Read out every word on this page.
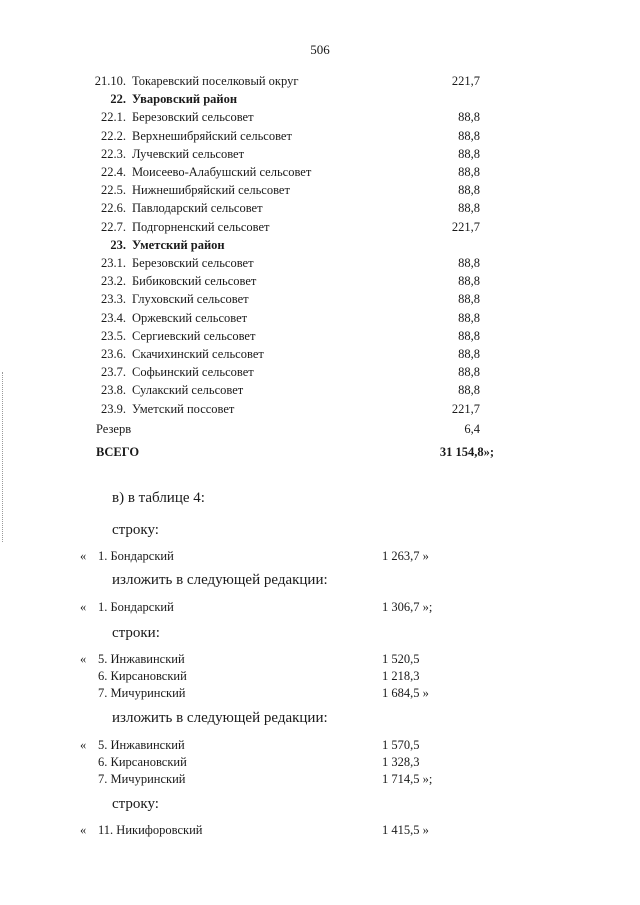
506
21.10. Токаревский поселковый округ	221,7
22. Уваровский район
22.1. Березовский сельсовет	88,8
22.2. Верхнешибряйский сельсовет	88,8
22.3. Лучевский сельсовет	88,8
22.4. Моисеево-Алабушский сельсовет	88,8
22.5. Нижнешибряйский сельсовет	88,8
22.6. Павлодарский сельсовет	88,8
22.7. Подгорненский сельсовет	221,7
23. Уметский район
23.1. Березовский сельсовет	88,8
23.2. Бибиковский сельсовет	88,8
23.3. Глуховский сельсовет	88,8
23.4. Оржевский сельсовет	88,8
23.5. Сергиевский сельсовет	88,8
23.6. Скачихинский сельсовет	88,8
23.7. Софьинский сельсовет	88,8
23.8. Сулакский сельсовет	88,8
23.9. Уметский поссовет	221,7
Резерв	6,4
ВСЕГО	31 154,8»;
в) в таблице 4:
строку:
« 1. Бондарский	1 263,7 »
изложить в следующей редакции:
« 1. Бондарский	1 306,7 »;
строки:
« 5. Инжавинский	1 520,5
6. Кирсановский	1 218,3
7. Мичуринский	1 684,5 »
изложить в следующей редакции:
« 5. Инжавинский	1 570,5
6. Кирсановский	1 328,3
7. Мичуринский	1 714,5 »;
строку:
« 11. Никифоровский	1 415,5 »
